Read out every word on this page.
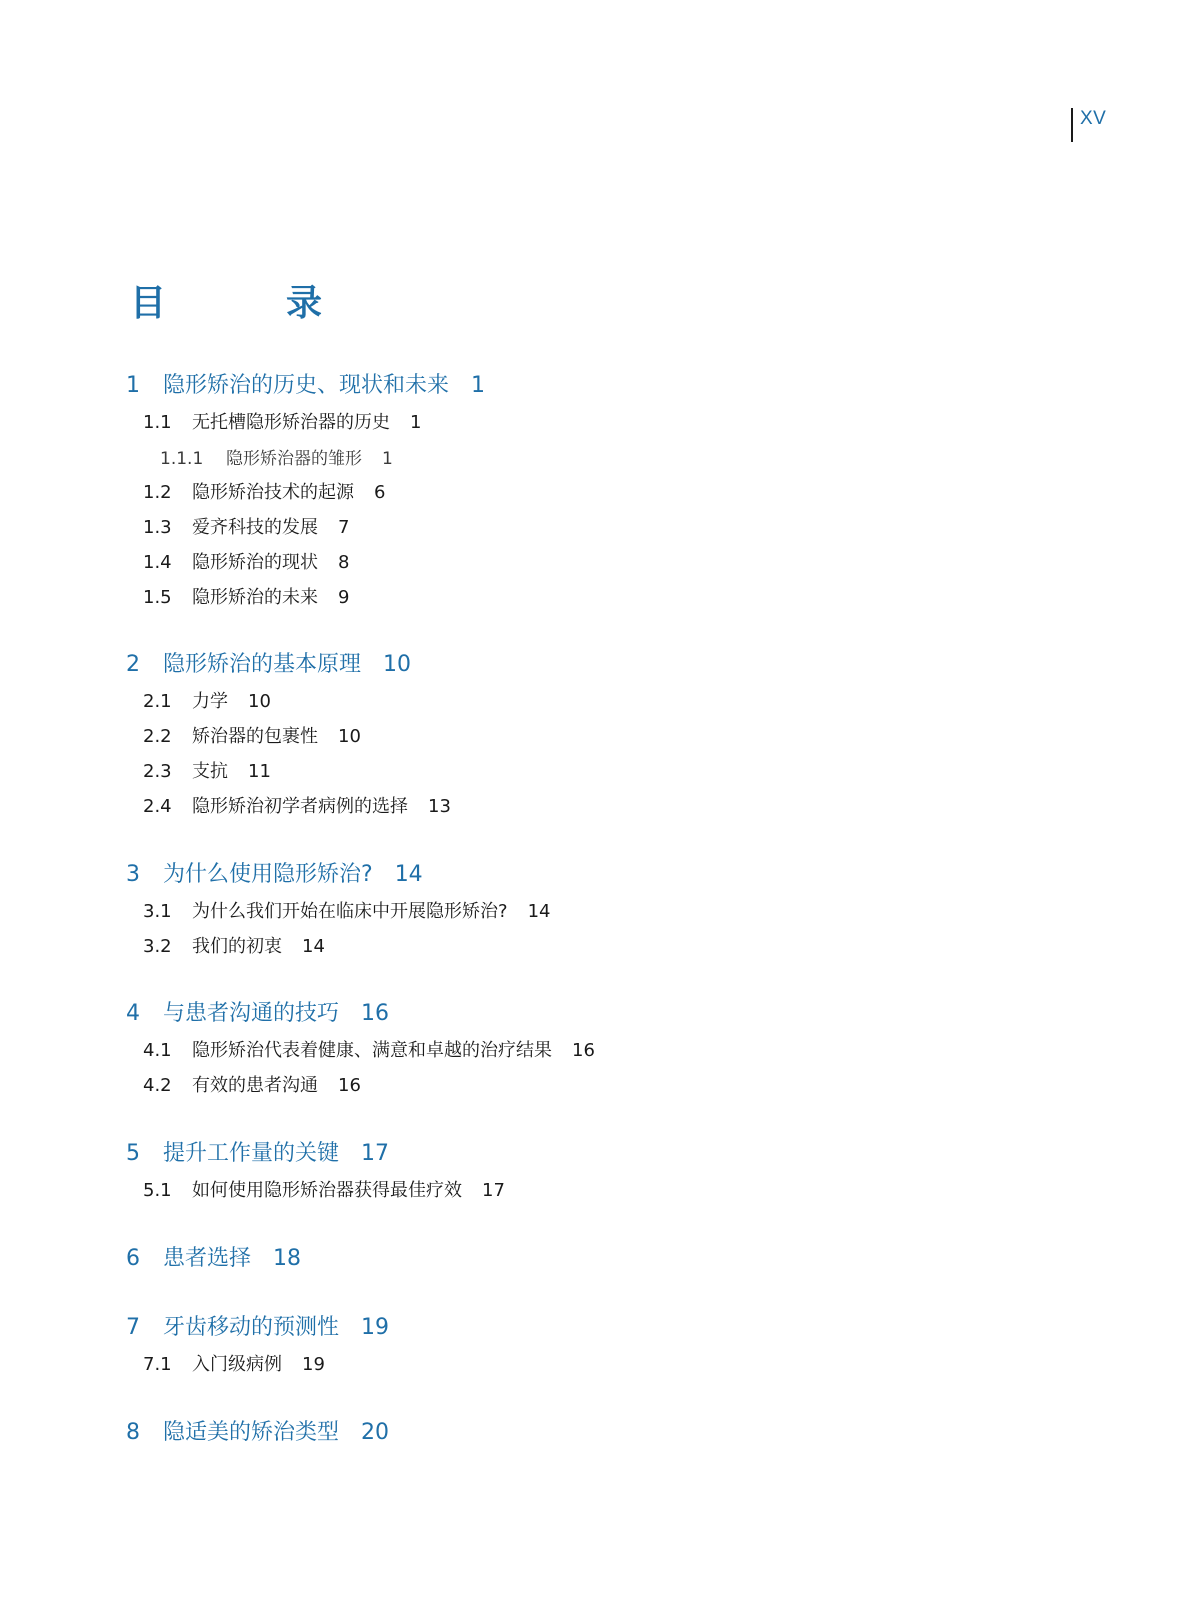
XV
目　录
1 隐形矫治的历史、现状和未来 1
1.1 无托槽隐形矫治器的历史 1
1.1.1 隐形矫治器的雏形 1
1.2 隐形矫治技术的起源 6
1.3 爱齐科技的发展 7
1.4 隐形矫治的现状 8
1.5 隐形矫治的未来 9
2 隐形矫治的基本原理 10
2.1 力学 10
2.2 矫治器的包裹性 10
2.3 支抗 11
2.4 隐形矫治初学者病例的选择 13
3 为什么使用隐形矫治? 14
3.1 为什么我们开始在临床中开展隐形矫治? 14
3.2 我们的初衷 14
4 与患者沟通的技巧 16
4.1 隐形矫治代表着健康、满意和卓越的治疗结果 16
4.2 有效的患者沟通 16
5 提升工作量的关键 17
5.1 如何使用隐形矫治器获得最佳疗效 17
6 患者选择 18
7 牙齿移动的预测性 19
7.1 入门级病例 19
8 隐适美的矫治类型 20
